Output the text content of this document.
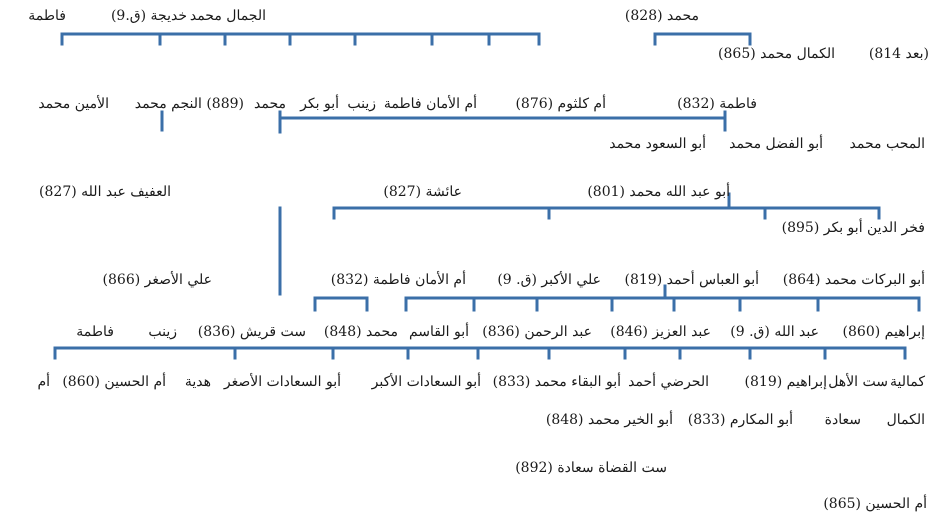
فاطمة	خديجة (ق.9) الجمال محمد	محمد (828)
الكمال محمد (865) (بعد 814)
الأمين محمد (889) النجم محمد محمد أبو بكر زينب أم الأمان فاطمة	أم كلثوم (876)	فاطمة (832)
المحب محمد
أبو الفضل محمد
أبو السعود محمد
العفيف عبد الله (827)	عائشة (827)	أبو عبد الله محمد (801)
فخر الدين أبو بكر (895)
علي الأصغر (866)	أم الأمان فاطمة (832) علي الأكبر (ق. 9) أبو العباس أحمد (819) أبو البركات محمد (864)
فاطمة زينب ست قريش (836) محمد (848) أبو القاسم عبد الرحمن (836) عبد العزيز (846) عبد الله (ق. 9) إبراهيم (860)
أم أم الحسين (860) هدية أبو السعادات الأصغر أبو السعادات الأكبر أبو البقاء محمد (833) الحرضي أحمد	إبراهيم (819) ست الأهل كمالية
الكمال
سعادة
أبو المكارم (833)
أبو الخير محمد (848)
ست القضاة سعادة (892)
أم الحسين (865)
